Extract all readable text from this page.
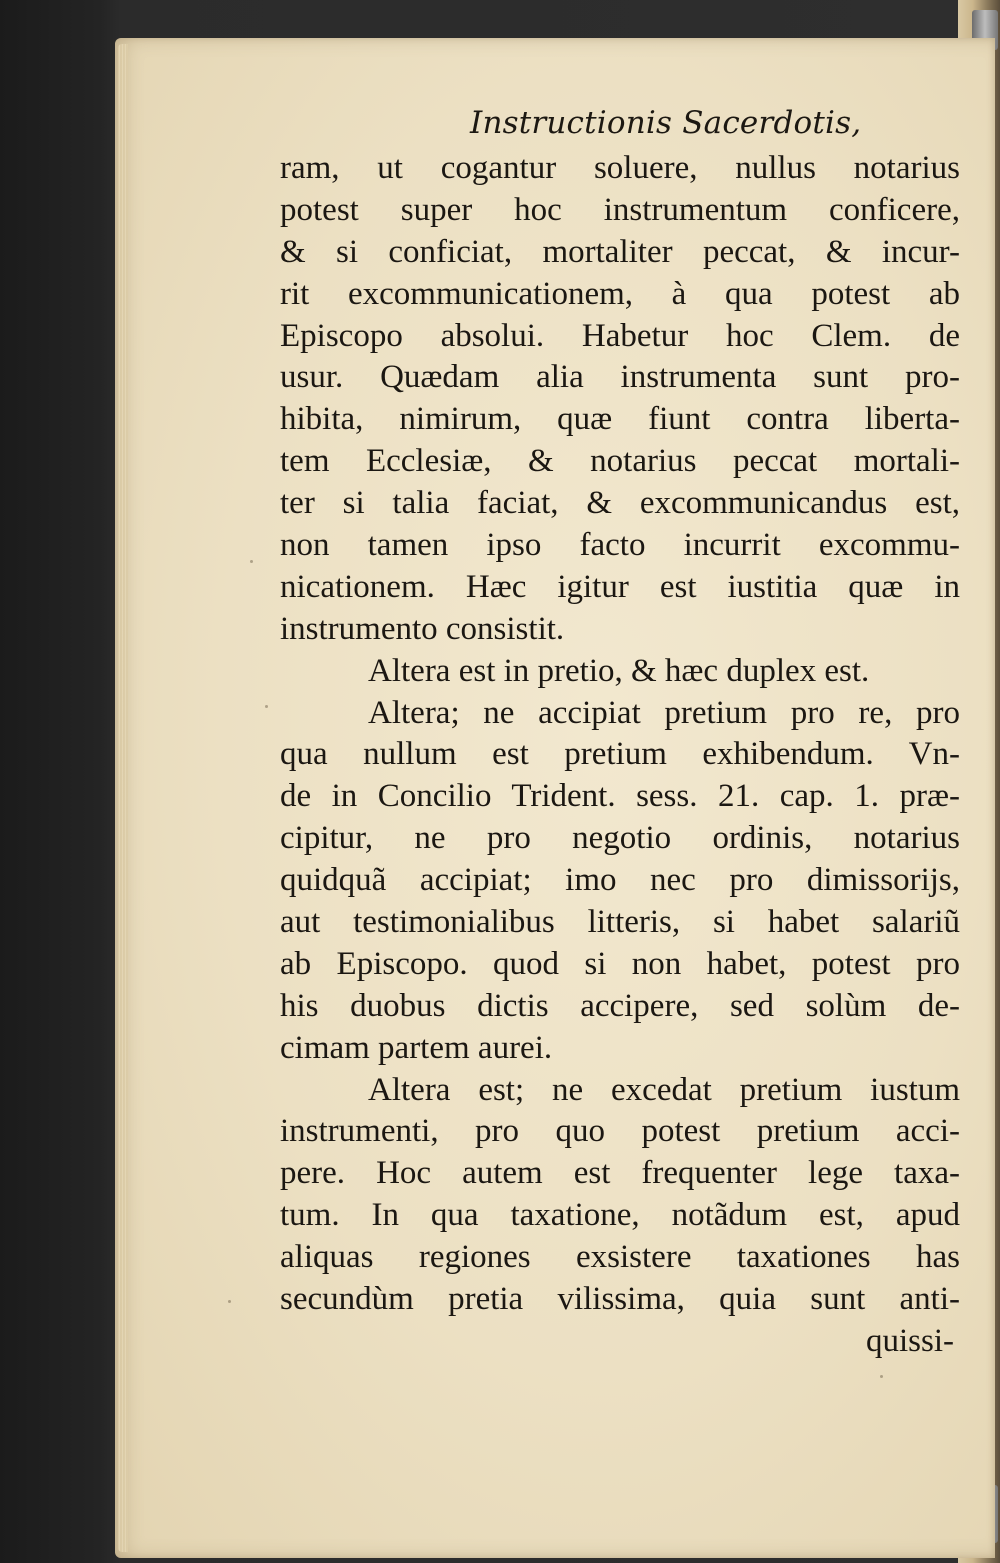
Instructionis Sacerdotis,
ram, ut cogantur soluere, nullus notarius
potest super hoc instrumentum conficere,
& si conficiat, mortaliter peccat, & incur-
rit excommunicationem, à qua potest ab
Episcopo absolui. Habetur hoc Clem. de
usur. Quædam alia instrumenta sunt pro-
hibita, nimirum, quæ fiunt contra liberta-
tem Ecclesiæ, & notarius peccat mortali-
ter si talia faciat, & excommunicandus est,
non tamen ipso facto incurrit excommu-
nicationem. Hæc igitur est iustitia quæ in
instrumento consistit.
Altera est in pretio, & hæc duplex est.
Altera; ne accipiat pretium pro re, pro
qua nullum est pretium exhibendum. Vn-
de in Concilio Trident. sess. 21. cap. 1. præ-
cipitur, ne pro negotio ordinis, notarius
quidquã accipiat; imo nec pro dimissorijs,
aut testimonialibus litteris, si habet salariũ
ab Episcopo. quod si non habet, potest pro
his duobus dictis accipere, sed solùm de-
cimam partem aurei.
Altera est; ne excedat pretium iustum
instrumenti, pro quo potest pretium acci-
pere. Hoc autem est frequenter lege taxa-
tum. In qua taxatione, notãdum est, apud
aliquas regiones exsistere taxationes has
secundùm pretia vilissima, quia sunt anti-
quissi-
